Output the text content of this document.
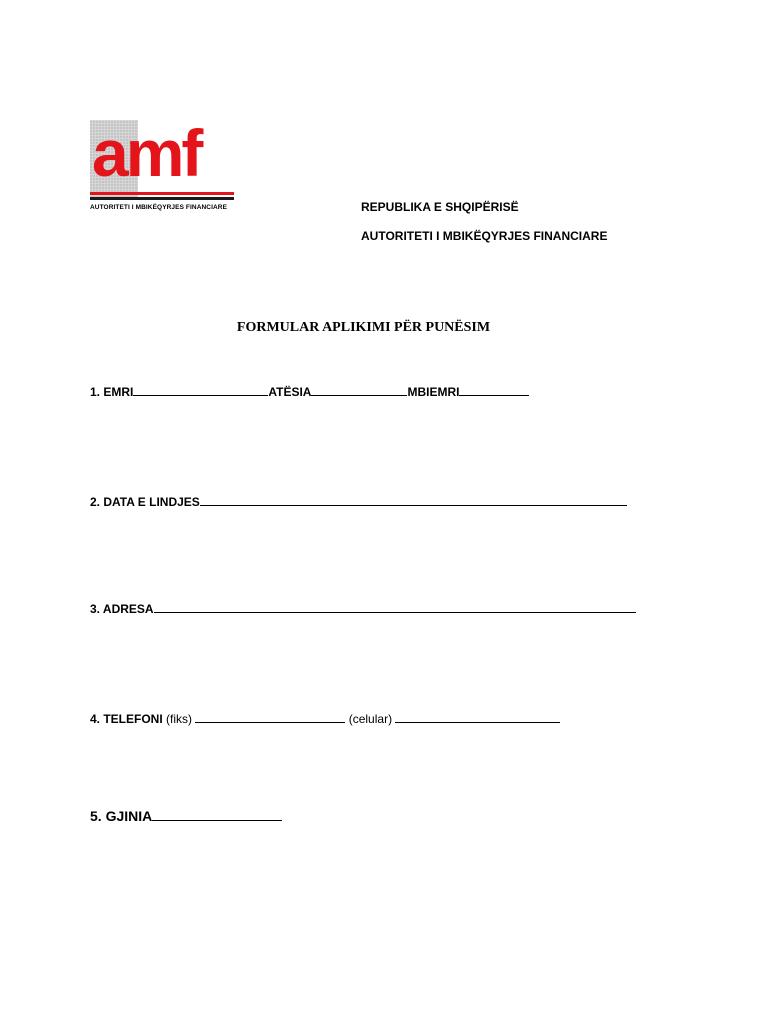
amf
AUTORITETI I MBIKËQYRJES FINANCIARE	REPUBLIKA E SHQIPËRISË
AUTORITETI I MBIKËQYRJES FINANCIARE
FORMULAR APLIKIMI PËR PUNËSIM
1. EMRI	ATËSIA	MBIEMRI
2. DATA E LINDJES
3. ADRESA
4. TELEFONI (fiks)	(celular)
5. GJINIA
